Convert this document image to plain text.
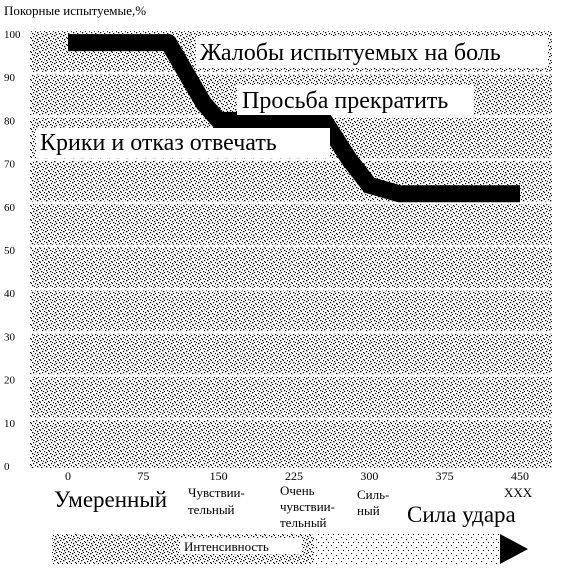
Покорные испытуемые,%
0
10
20
30
40
50
60
70
80
90
100
0	75	150	225	300	375	450
Жалобы испытуемых на боль
Просьба прекратить
Крики и отказ отвечать
Умеренный Чувствии-
тельный
Очень
чувствии-
тельный
Силь-
ный
XXX
Сила удара
Интенсивность
